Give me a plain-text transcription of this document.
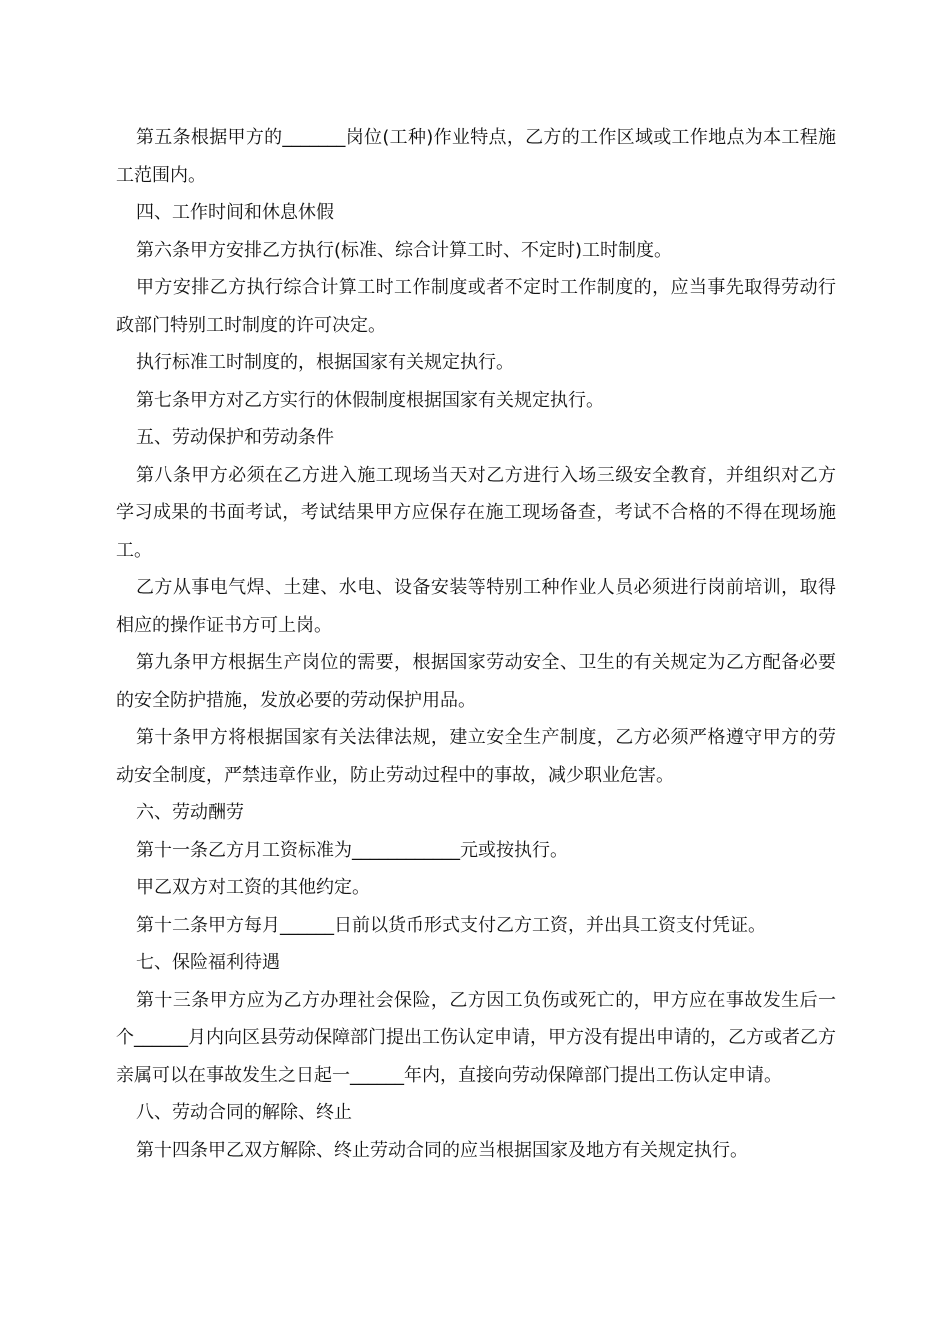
第五条根据甲方的_______岗位(工种)作业特点，乙方的工作区域或工作地点为本工程施工范围内。

四、工作时间和休息休假

第六条甲方安排乙方执行(标准、综合计算工时、不定时)工时制度。

甲方安排乙方执行综合计算工时工作制度或者不定时工作制度的，应当事先取得劳动行政部门特别工时制度的许可决定。

执行标准工时制度的，根据国家有关规定执行。

第七条甲方对乙方实行的休假制度根据国家有关规定执行。

五、劳动保护和劳动条件

第八条甲方必须在乙方进入施工现场当天对乙方进行入场三级安全教育，并组织对乙方学习成果的书面考试，考试结果甲方应保存在施工现场备查，考试不合格的不得在现场施工。

乙方从事电气焊、土建、水电、设备安装等特别工种作业人员必须进行岗前培训，取得相应的操作证书方可上岗。

第九条甲方根据生产岗位的需要，根据国家劳动安全、卫生的有关规定为乙方配备必要的安全防护措施，发放必要的劳动保护用品。

第十条甲方将根据国家有关法律法规，建立安全生产制度，乙方必须严格遵守甲方的劳动安全制度，严禁违章作业，防止劳动过程中的事故，减少职业危害。

六、劳动酬劳

第十一条乙方月工资标准为____________元或按执行。

甲乙双方对工资的其他约定。

第十二条甲方每月______日前以货币形式支付乙方工资，并出具工资支付凭证。

七、保险福利待遇

第十三条甲方应为乙方办理社会保险，乙方因工负伤或死亡的，甲方应在事故发生后一个______月内向区县劳动保障部门提出工伤认定申请，甲方没有提出申请的，乙方或者乙方亲属可以在事故发生之日起一______年内，直接向劳动保障部门提出工伤认定申请。

八、劳动合同的解除、终止

第十四条甲乙双方解除、终止劳动合同的应当根据国家及地方有关规定执行。
